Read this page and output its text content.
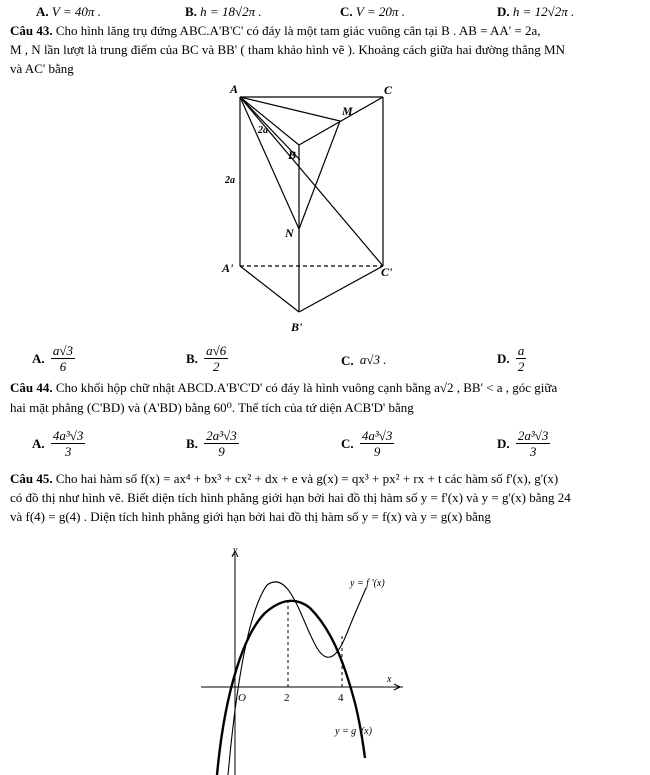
A. V = 40π .	B. h = 18√2π .	C. V = 20π .	D. h = 12√2π .
Câu 43. Cho hình lăng trụ đứng ABC.A'B'C' có đáy là một tam giác vuông cân tại B . AB = AA' = 2a,
M , N lần lượt là trung điểm của BC và BB' ( tham khảo hình vẽ ). Khoảng cách giữa hai đường thẳng MN
và AC' bằng
A	C
M
B
N
A'	C'
B'
2a
2a
A. $\frac{a√3}{6}$	B. $\frac{a√6}{2}$	C. a√3 .	D. $\frac{a}{2}$
Câu 44. Cho khối hộp chữ nhật ABCD.A'B'C'D' có đáy là hình vuông cạnh bằng a√2 , BB' < a , góc giữa
hai mặt phẳng (C'BD) và (A'BD) bằng 60⁰. Thể tích của tứ diện ACB'D' bằng
A. $\frac{\text{4a³√3}}{3}$	B. $\frac{\text{2a³√3}}{9}$	C. $\frac{\text{4a³√3}}{9}$	D. $\frac{\text{2a³√3}}{3}$
Câu 45. Cho hai hàm số f(x) = ax⁴ + bx³ + cx² + dx + e và g(x) = qx³ + px² + rx + t các hàm số f'(x), g'(x)
có đồ thị như hình vẽ. Biết diện tích hình phẳng giới hạn bởi hai đồ thị hàm số y = f'(x) và y = g'(x) bằng 24
và f(4) = g(4) . Diện tích hình phẳng giới hạn bởi hai đồ thị hàm số y = f(x) và y = g(x) bằng
y
x
O	2	4
y = f '(x)
y = g '(x)
